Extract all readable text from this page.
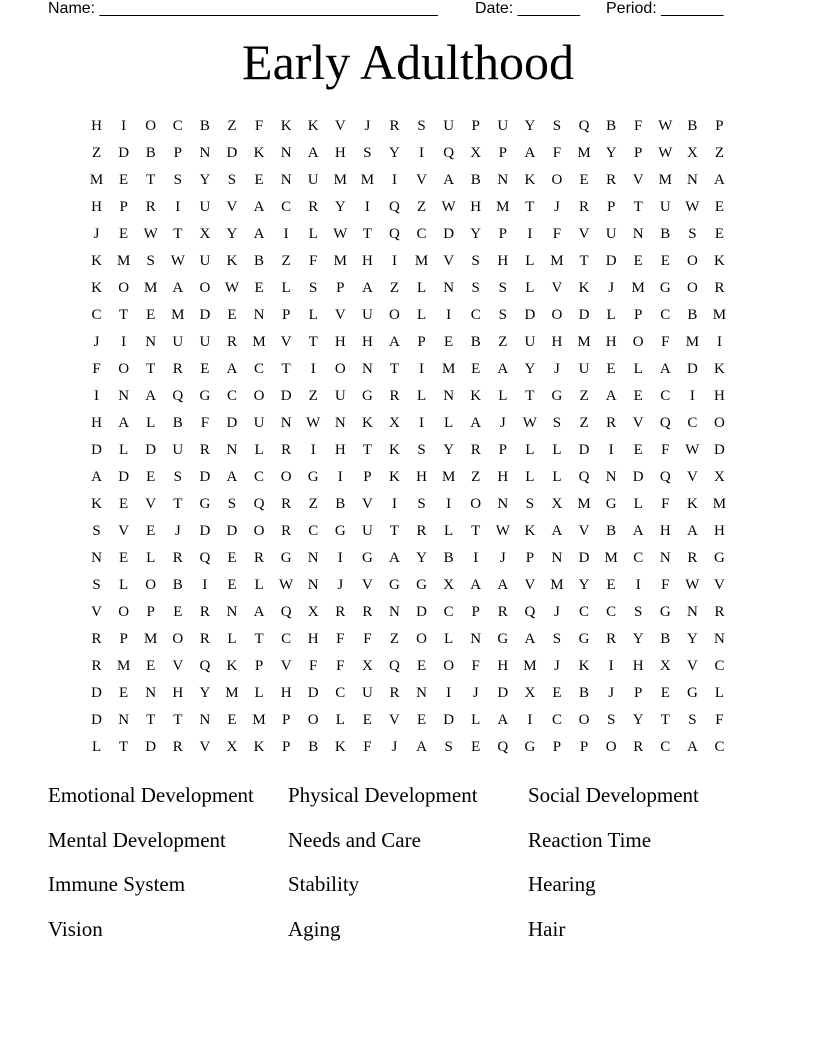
Name: ______________________________________ Date: _______ Period: _______
Early Adulthood
H	I	O	C	B	Z	F	K	K	V	J	R	S	U	P	U	Y	S	Q	B	F	W B	P
Z	D	B	P	N	D	K	N	A	H	S	Y	I	Q	X	P	A	F	M Y	P	W X	Z
M	E	T	S	Y	S	E	N	U M M	I	V	A	B	N	K	O	E	R	V M N	A
H	P	R	I	U	V	A	C	R	Y	I	Q	Z	W H M	T	J	R	P	T	U W	E
J	E	W	T	X	Y	A	I	L	W	T	Q	C	D	Y	P	I	F	V	U	N	B	S	E
K M	S	W U	K	B	Z	F	M H	I	M V	S	H	L	M	T	D	E	E	O	K
K	O	M A	O W	E	L	S	P	A	Z	L	N	S	S	L	V	K	J	M G	O	R
C	T	E	M D	E	N	P	L	V	U	O	L	I	C	S	D	O	D	L	P	C	B	M
J	I	N	U	U	R	M V	T	H	H	A	P	E	B	Z	U	H M H	O	F	M	I
F	O	T	R	E	A	C	T	I	O	N	T	I	M	E	A	Y	J	U	E	L	A	D	K
I	N	A	Q	G	C	O	D	Z	U	G	R	L	N	K	L	T	G	Z	A	E	C	I	H
H	A	L	B	F	D	U	N W N	K	X	I	L	A	J	W	S	Z	R	V	Q	C	O
D	L	D	U	R	N	L	R	I	H	T	K	S	Y	R	P	L	L	D	I	E	F	W D
A	D	E	S	D	A	C	O	G	I	P	K	H M	Z	H	L	L	Q	N	D	Q	V	X
K	E	V	T	G	S	Q	R	Z	B	V	I	S	I	O	N	S	X M G	L	F	K	M
S	V	E	J	D	D	O	R	C	G	U	T	R	L	T	W K	A	V	B	A	H	A	H
N	E	L	R	Q	E	R	G	N	I	G	A	Y	B	I	J	P	N	D M	C	N	R	G
S	L	O	B	I	E	L	W N	J	V	G	G	X	A	A	V	M Y	E	I	F	W V
V	O	P	E	R	N	A	Q	X	R	R	N	D	C	P	R	Q	J	C	C	S	G	N	R
R	P	M O	R	L	T	C	H	F	F	Z	O	L	N	G	A	S	G	R	Y	B	Y	N
R	M	E	V	Q	K	P	V	F	F	X	Q	E	O	F	H M	J	K	I	H	X	V	C
D	E	N	H	Y	M	L	H	D	C	U	R	N	I	J	D	X	E	B	J	P	E	G	L
D	N	T	T	N	E	M	P	O	L	E	V	E	D	L	A	I	C	O	S	Y	T	S	F
L	T	D	R	V	X	K	P	B	K	F	J	A	S	E	Q	G	P	P	O	R	C	A	C
Emotional Development	Physical Development	Social Development
Mental Development	Needs and Care	Reaction Time
Immune System	Stability	Hearing
Vision	Aging	Hair
